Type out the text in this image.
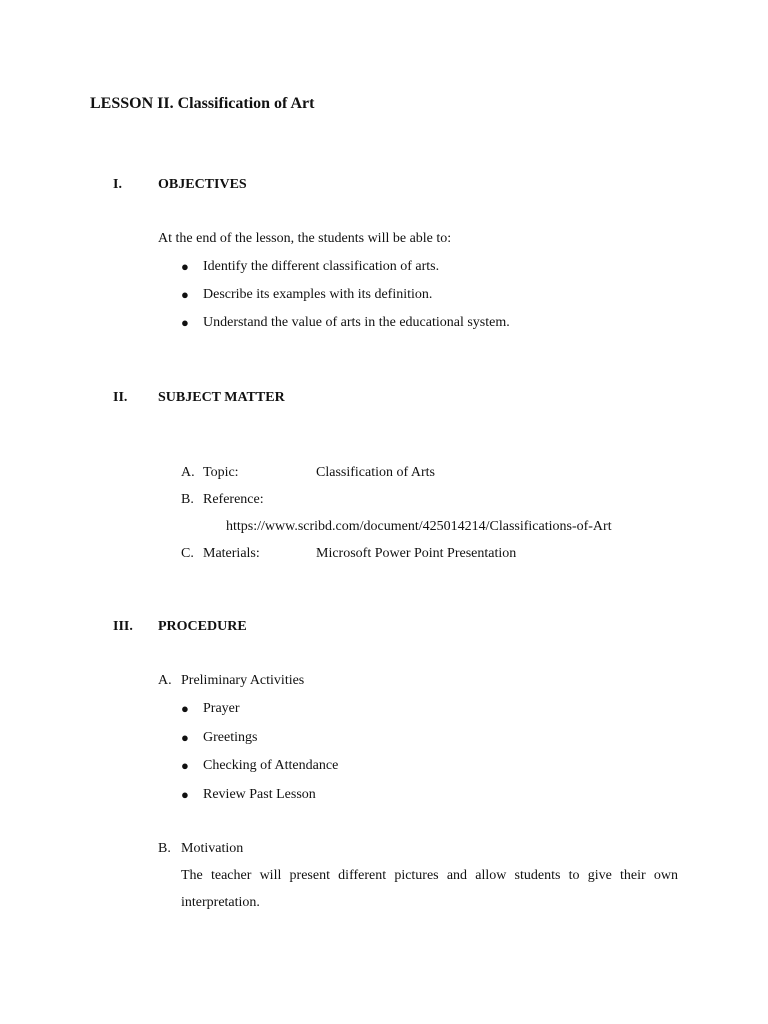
LESSON II. Classification of Art
I.	OBJECTIVES
At the end of the lesson, the students will be able to:
● Identify the different classification of arts.
● Describe its examples with its definition.
● Understand the value of arts in the educational system.
II. SUBJECT MATTER
A. Topic:	Classification of Arts
B. Reference:
https://www.scribd.com/document/425014214/Classifications-of-Art
C. Materials:	Microsoft Power Point Presentation
III. PROCEDURE
A. Preliminary Activities
● Prayer
● Greetings
● Checking of Attendance
● Review Past Lesson
B. Motivation
The teacher will present different pictures and allow students to give their own
interpretation.
